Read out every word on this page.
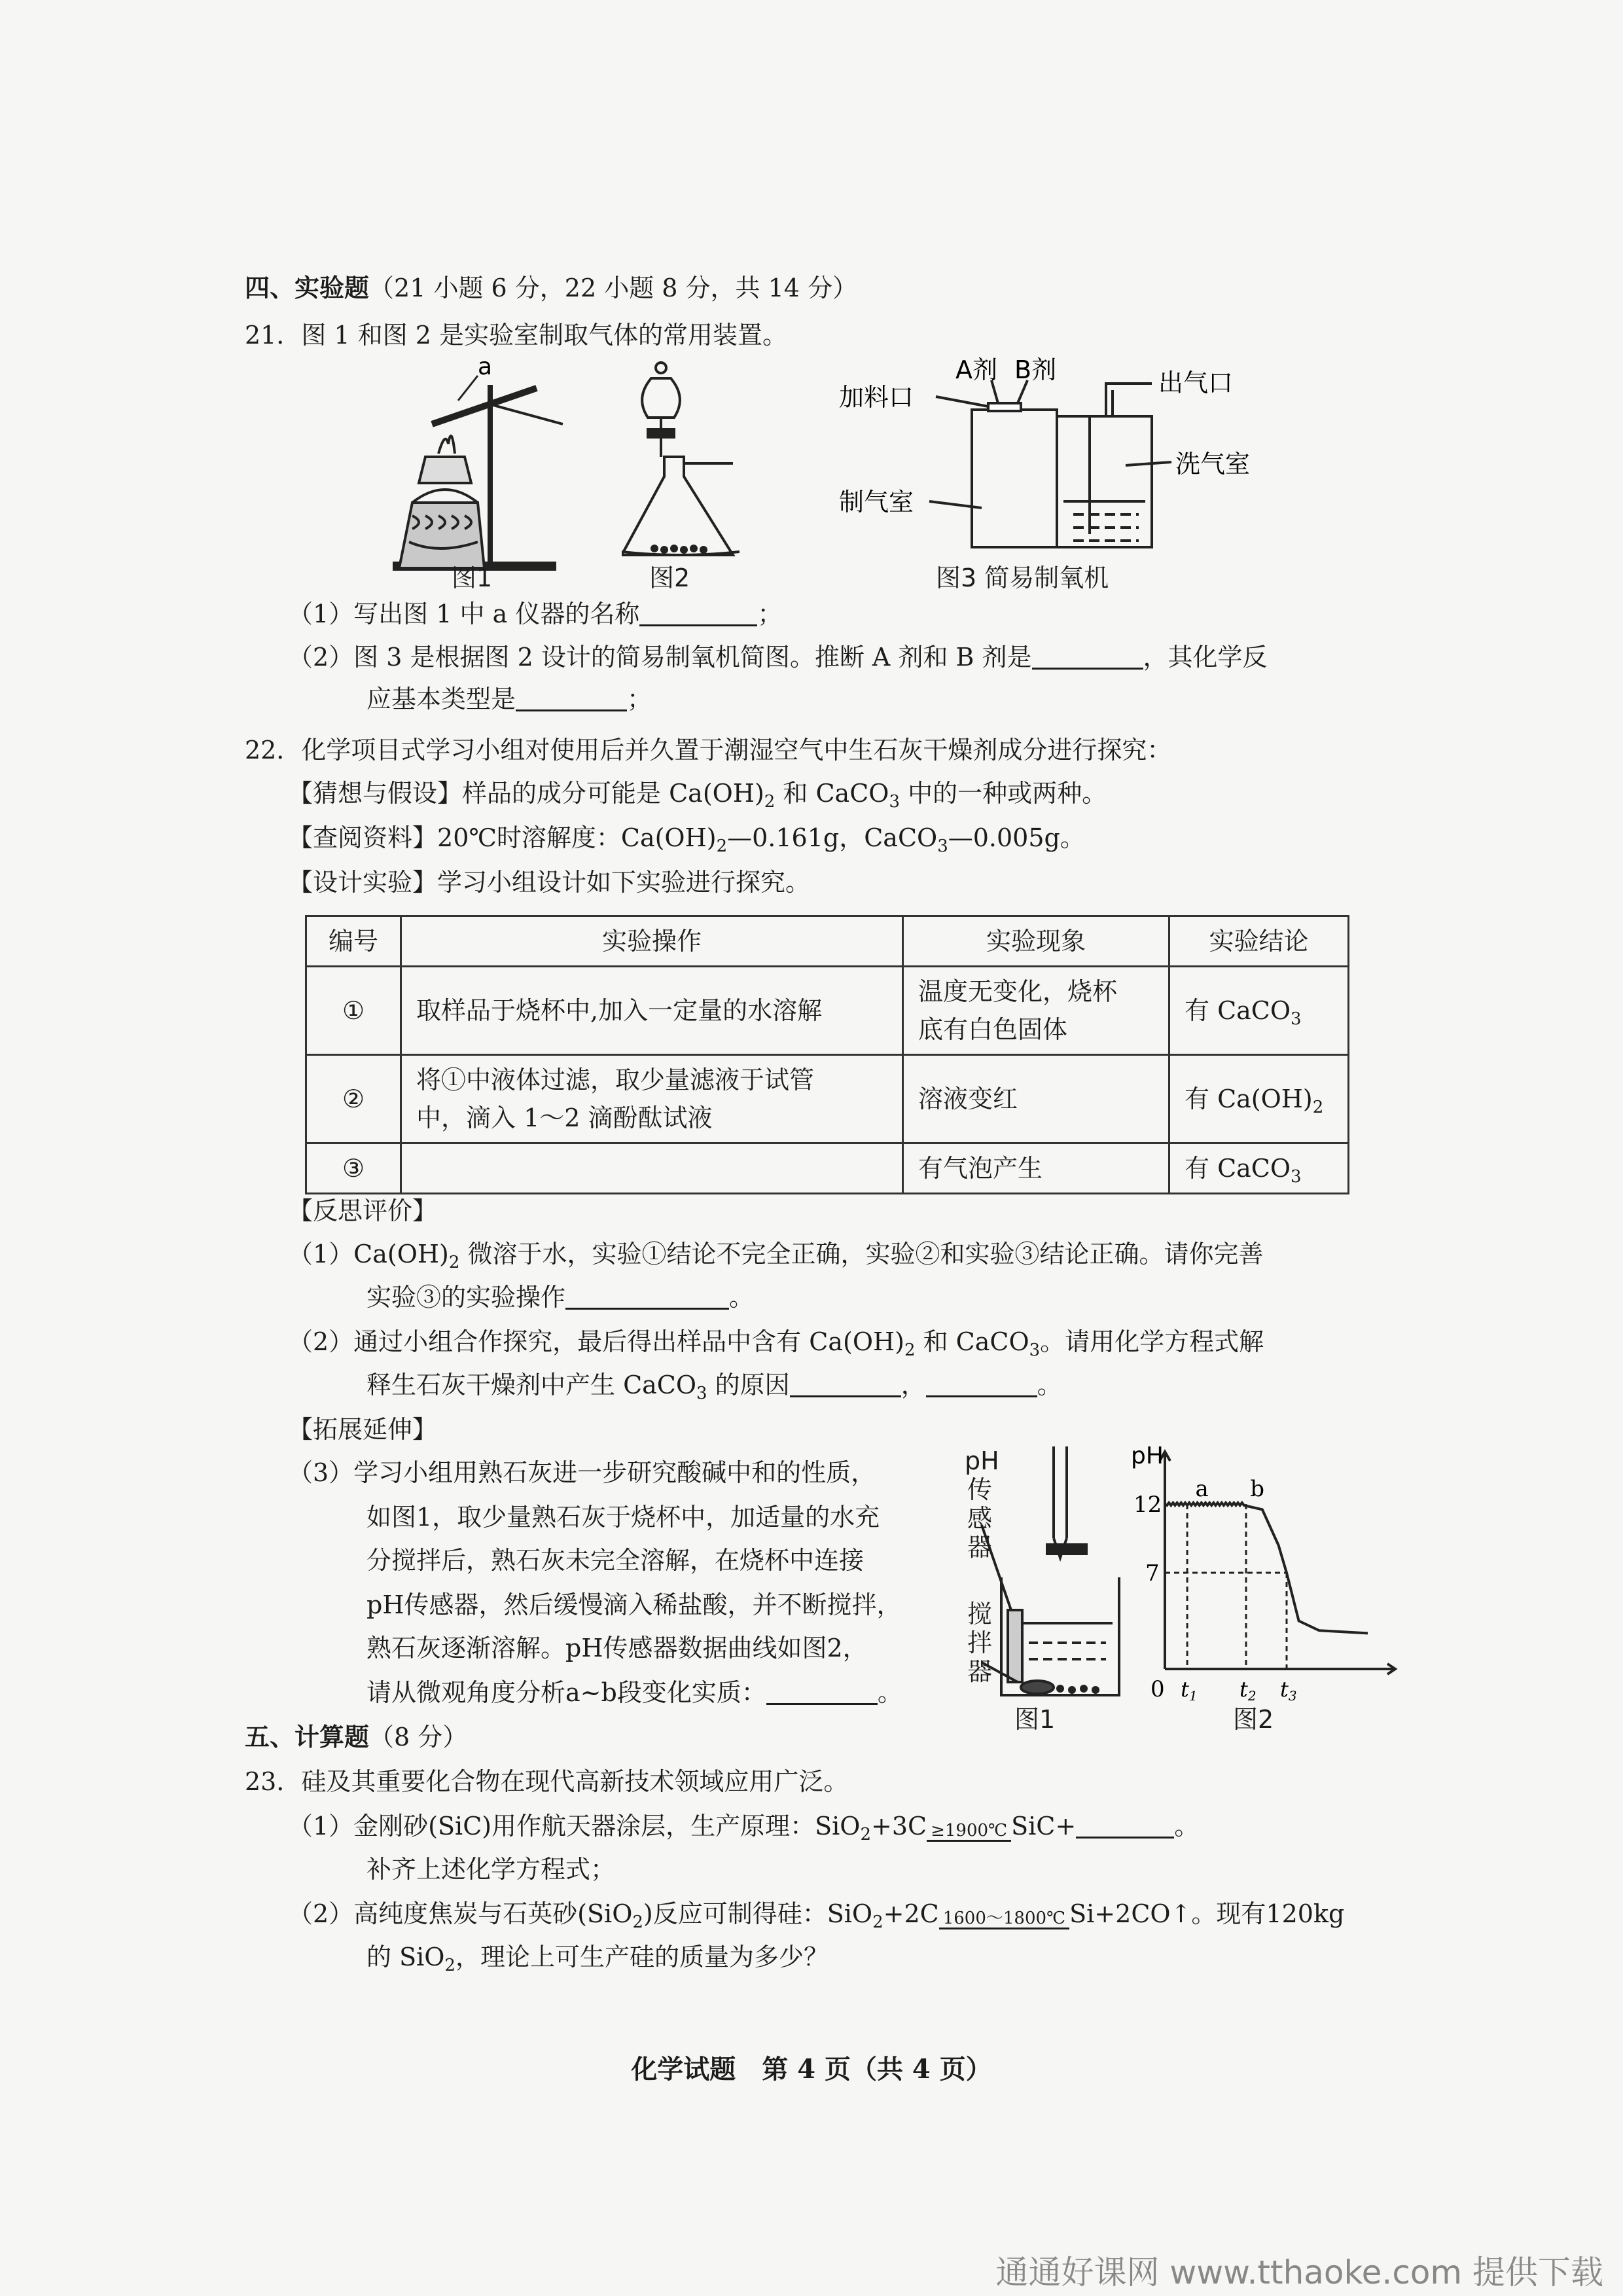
四、实验题（21 小题 6 分，22 小题 8 分，共 14 分）
21．图 1 和图 2 是实验室制取气体的常用装置。
a
图1	图2
A剂 B剂
加料口	出气口
洗气室
制气室
图3 简易制氧机
（1）写出图 1 中 a 仪器的名称	；
（2）图 3 是根据图 2 设计的简易制氧机简图。推断 A 剂和 B 剂是	，其化学反
应基本类型是	；
22．化学项目式学习小组对使用后并久置于潮湿空气中生石灰干燥剂成分进行探究：
【猜想与假设】样品的成分可能是 $Ca(OH)_2$ 和 CaCO$_3$ 中的一种或两种。
【查阅资料】20℃时溶解度：$Ca(OH)_2—0.161g$，CaCO$_3$—0.005g。
【设计实验】学习小组设计如下实验进行探究。
编号	实验操作	实验现象	实验结论
①	取样品于烧杯中,加入一定量的水溶解	温度无变化，烧杯
底有白色固体	有 CaCO$_3$
②	将①中液体过滤，取少量滤液于试管
中，滴入 1～2 滴酚酞试液	溶液变红	有 $Ca(OH)_2$
③		有气泡产生	有 CaCO$_3$
【反思评价】
$(1)Ca(OH)_2$ 微溶于水，实验①结论不完全正确，实验②和实验③结论正确。请你完善
实验③的实验操作	。
（2）通过小组合作探究，最后得出样品中含有 $Ca(OH)_2$ 和 CaCO$_3$。请用化学方程式解
释生石灰干燥剂中产生 CaCO$_3$ 的原因	，	。
【拓展延伸】
（3）学习小组用熟石灰进一步研究酸碱中和的性质，
如图1，取少量熟石灰于烧杯中，加适量的水充
分搅拌后，熟石灰未完全溶解，在烧杯中连接
pH传感器，然后缓慢滴入稀盐酸，并不断搅拌，
熟石灰逐渐溶解。pH传感器数据曲线如图2，
请从微观角度分析a~b段变化实质：	。
pH
传
感
器
搅
拌
器
图1
pH
12
7
0 t1 t2 t3
a b
图2
五、计算题（8 分）
23．硅及其重要化合物在现代高新技术领域应用广泛。
（1）金刚砂(SiC)用作航天器涂层，生产原理：SiO$_2$+3C ≥1900℃ SiC+	。
补齐上述化学方程式；
（2）高纯度焦炭与石英砂(SiO$_2$)反应可制得硅：SiO$_2$+2C 1600～1800℃ Si+2CO↑。现有120kg
的 SiO$_2$，理论上可生产硅的质量为多少？
化学试题　第 4 页（共 4 页）
通通好课网 www.tthaoke.com 提供下载
